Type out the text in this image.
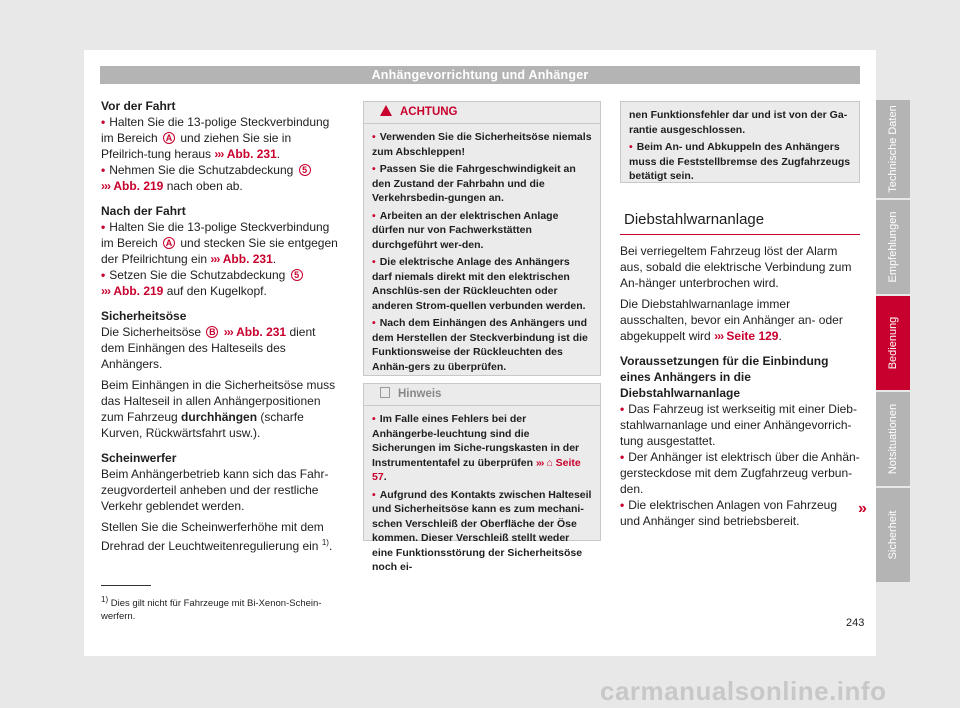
Anhängevorrichtung und Anhänger

Vor der Fahrt

• Halten Sie die 13-polige Steckverbindung im Bereich A und ziehen Sie sie in Pfeilrich-tung heraus ››› Abb. 231.

• Nehmen Sie die Schutzabdeckung 5
››› Abb. 219 nach oben ab.

Nach der Fahrt

• Halten Sie die 13-polige Steckverbindung im Bereich A und stecken Sie sie entgegen der Pfeilrichtung ein ››› Abb. 231.

• Setzen Sie die Schutzabdeckung 5
››› Abb. 219 auf den Kugelkopf.

Sicherheitsöse

Die Sicherheitsöse B ››› Abb. 231 dient dem Einhängen des Halteseils des Anhängers.

Beim Einhängen in die Sicherheitsöse muss das Halteseil in allen Anhängerpositionen zum Fahrzeug durchhängen (scharfe Kurven, Rückwärtsfahrt usw.).

Scheinwerfer

Beim Anhängerbetrieb kann sich das Fahr-zeugvorderteil anheben und der restliche Verkehr geblendet werden.

Stellen Sie die Scheinwerferhöhe mit dem Drehrad der Leuchtweitenregulierung ein $^{1)}$.

ACHTUNG

• Verwenden Sie die Sicherheitsöse niemals zum Abschleppen!

• Passen Sie die Fahrgeschwindigkeit an den Zustand der Fahrbahn und die Verkehrsbedin-gungen an.

• Arbeiten an der elektrischen Anlage dürfen nur von Fachwerkstätten durchgeführt wer-den.

• Die elektrische Anlage des Anhängers darf niemals direkt mit den elektrischen Anschlüs-sen der Rückleuchten oder anderen Strom-quellen verbunden werden.

• Nach dem Einhängen des Anhängers und dem Herstellen der Steckverbindung ist die Funktionsweise der Rückleuchten des Anhän-gers zu überprüfen.

Hinweis

• Im Falle eines Fehlers bei der Anhängerbe-leuchtung sind die Sicherungen im Siche-rungskasten in der Instrumententafel zu überprüfen ››› ⌂ Seite 57.

• Aufgrund des Kontakts zwischen Halteseil und Sicherheitsöse kann es zum mechani-schen Verschleiß der Oberfläche der Öse kommen. Dieser Verschleiß stellt weder eine Funktionsstörung der Sicherheitsöse noch ei-

nen Funktionsfehler dar und ist von der Ga-rantie ausgeschlossen.

• Beim An- und Abkuppeln des Anhängers muss die Feststellbremse des Zugfahrzeugs betätigt sein.

Diebstahlwarnanlage

Bei verriegeltem Fahrzeug löst der Alarm aus, sobald die elektrische Verbindung zum An-hänger unterbrochen wird.

Die Diebstahlwarnanlage immer ausschalten, bevor ein Anhänger an- oder abgekuppelt wird ››› Seite 129.

Voraussetzungen für die Einbindung eines Anhängers in die Diebstahlwarnanlage

• Das Fahrzeug ist werkseitig mit einer Dieb-stahlwarnanlage und einer Anhängevorrich-tung ausgestattet.

• Der Anhänger ist elektrisch über die Anhän-gersteckdose mit dem Zugfahrzeug verbun-den.

• Die elektrischen Anlagen von Fahrzeug und Anhänger sind betriebsbereit.

»
Technische Daten
Empfehlungen
Bedienung
Notsituationen
Sicherheit
$^{1)}$ Dies gilt nicht für Fahrzeuge mit Bi-Xenon-Schein-werfern.
243
carmanualsonline.info
